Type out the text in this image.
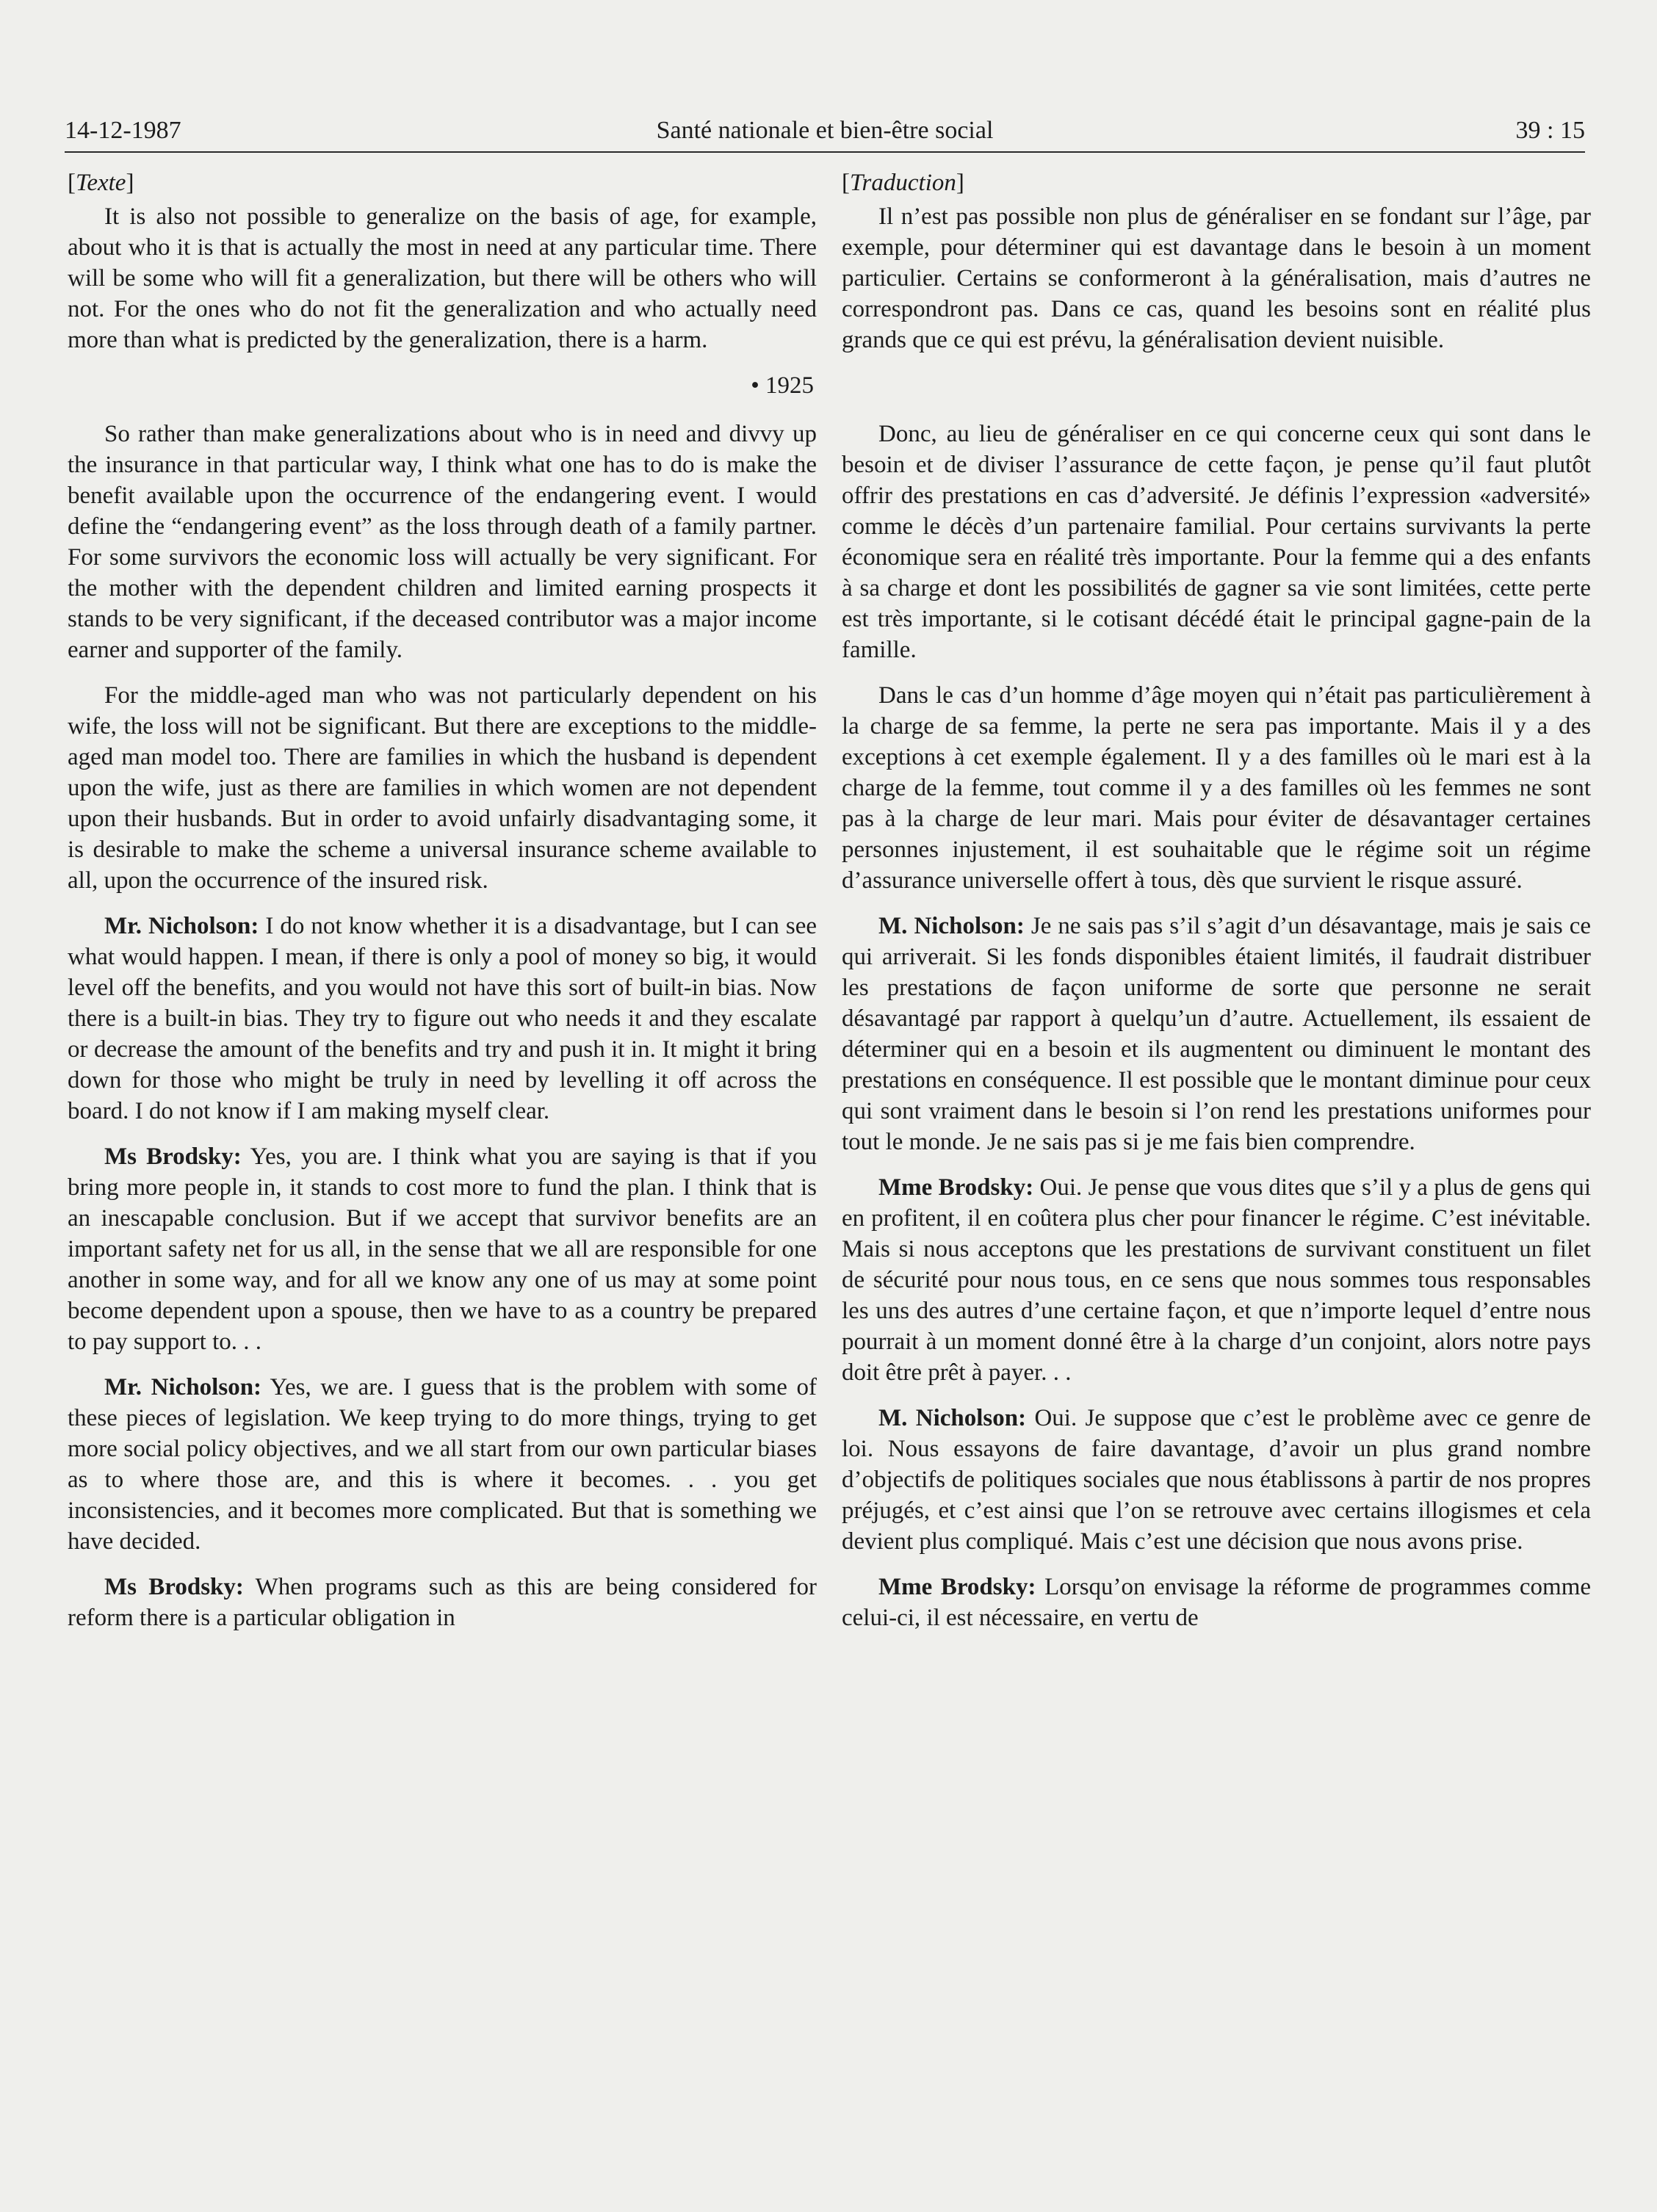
14-12-1987	Santé nationale et bien-être social	39 : 15
[Texte]

It is also not possible to generalize on the basis of age, for example, about who it is that is actually the most in need at any particular time. There will be some who will fit a generalization, but there will be others who will not. For the ones who do not fit the generalization and who actually need more than what is predicted by the generalization, there is a harm.

• 1925

So rather than make generalizations about who is in need and divvy up the insurance in that particular way, I think what one has to do is make the benefit available upon the occurrence of the endangering event. I would define the “endangering event” as the loss through death of a family partner. For some survivors the economic loss will actually be very significant. For the mother with the dependent children and limited earning prospects it stands to be very significant, if the deceased contributor was a major income earner and supporter of the family.

For the middle-aged man who was not particularly dependent on his wife, the loss will not be significant. But there are exceptions to the middle-aged man model too. There are families in which the husband is dependent upon the wife, just as there are families in which women are not dependent upon their husbands. But in order to avoid unfairly disadvantaging some, it is desirable to make the scheme a universal insurance scheme available to all, upon the occurrence of the insured risk.

Mr. Nicholson: I do not know whether it is a disadvantage, but I can see what would happen. I mean, if there is only a pool of money so big, it would level off the benefits, and you would not have this sort of built-in bias. Now there is a built-in bias. They try to figure out who needs it and they escalate or decrease the amount of the benefits and try and push it in. It might it bring down for those who might be truly in need by levelling it off across the board. I do not know if I am making myself clear.

Ms Brodsky: Yes, you are. I think what you are saying is that if you bring more people in, it stands to cost more to fund the plan. I think that is an inescapable conclusion. But if we accept that survivor benefits are an important safety net for us all, in the sense that we all are responsible for one another in some way, and for all we know any one of us may at some point become dependent upon a spouse, then we have to as a country be prepared to pay support to. . .

Mr. Nicholson: Yes, we are. I guess that is the problem with some of these pieces of legislation. We keep trying to do more things, trying to get more social policy objectives, and we all start from our own particular biases as to where those are, and this is where it becomes. . . you get inconsistencies, and it becomes more complicated. But that is something we have decided.

Ms Brodsky: When programs such as this are being considered for reform there is a particular obligation in

[Traduction]

Il n’est pas possible non plus de généraliser en se fondant sur l’âge, par exemple, pour déterminer qui est davantage dans le besoin à un moment particulier. Certains se conformeront à la généralisation, mais d’autres ne correspondront pas. Dans ce cas, quand les besoins sont en réalité plus grands que ce qui est prévu, la généralisation devient nuisible.

Donc, au lieu de généraliser en ce qui concerne ceux qui sont dans le besoin et de diviser l’assurance de cette façon, je pense qu’il faut plutôt offrir des prestations en cas d’adversité. Je définis l’expression «adversité» comme le décès d’un partenaire familial. Pour certains survivants la perte économique sera en réalité très importante. Pour la femme qui a des enfants à sa charge et dont les possibilités de gagner sa vie sont limitées, cette perte est très importante, si le cotisant décédé était le principal gagne-pain de la famille.

Dans le cas d’un homme d’âge moyen qui n’était pas particulièrement à la charge de sa femme, la perte ne sera pas importante. Mais il y a des exceptions à cet exemple également. Il y a des familles où le mari est à la charge de la femme, tout comme il y a des familles où les femmes ne sont pas à la charge de leur mari. Mais pour éviter de désavantager certaines personnes injustement, il est souhaitable que le régime soit un régime d’assurance universelle offert à tous, dès que survient le risque assuré.

M. Nicholson: Je ne sais pas s’il s’agit d’un désavantage, mais je sais ce qui arriverait. Si les fonds disponibles étaient limités, il faudrait distribuer les prestations de façon uniforme de sorte que personne ne serait désavantagé par rapport à quelqu’un d’autre. Actuellement, ils essaient de déterminer qui en a besoin et ils augmentent ou diminuent le montant des prestations en conséquence. Il est possible que le montant diminue pour ceux qui sont vraiment dans le besoin si l’on rend les prestations uniformes pour tout le monde. Je ne sais pas si je me fais bien comprendre.

Mme Brodsky: Oui. Je pense que vous dites que s’il y a plus de gens qui en profitent, il en coûtera plus cher pour financer le régime. C’est inévitable. Mais si nous acceptons que les prestations de survivant constituent un filet de sécurité pour nous tous, en ce sens que nous sommes tous responsables les uns des autres d’une certaine façon, et que n’importe lequel d’entre nous pourrait à un moment donné être à la charge d’un conjoint, alors notre pays doit être prêt à payer. . .

M. Nicholson: Oui. Je suppose que c’est le problème avec ce genre de loi. Nous essayons de faire davantage, d’avoir un plus grand nombre d’objectifs de politiques sociales que nous établissons à partir de nos propres préjugés, et c’est ainsi que l’on se retrouve avec certains illogismes et cela devient plus compliqué. Mais c’est une décision que nous avons prise.

Mme Brodsky: Lorsqu’on envisage la réforme de programmes comme celui-ci, il est nécessaire, en vertu de
